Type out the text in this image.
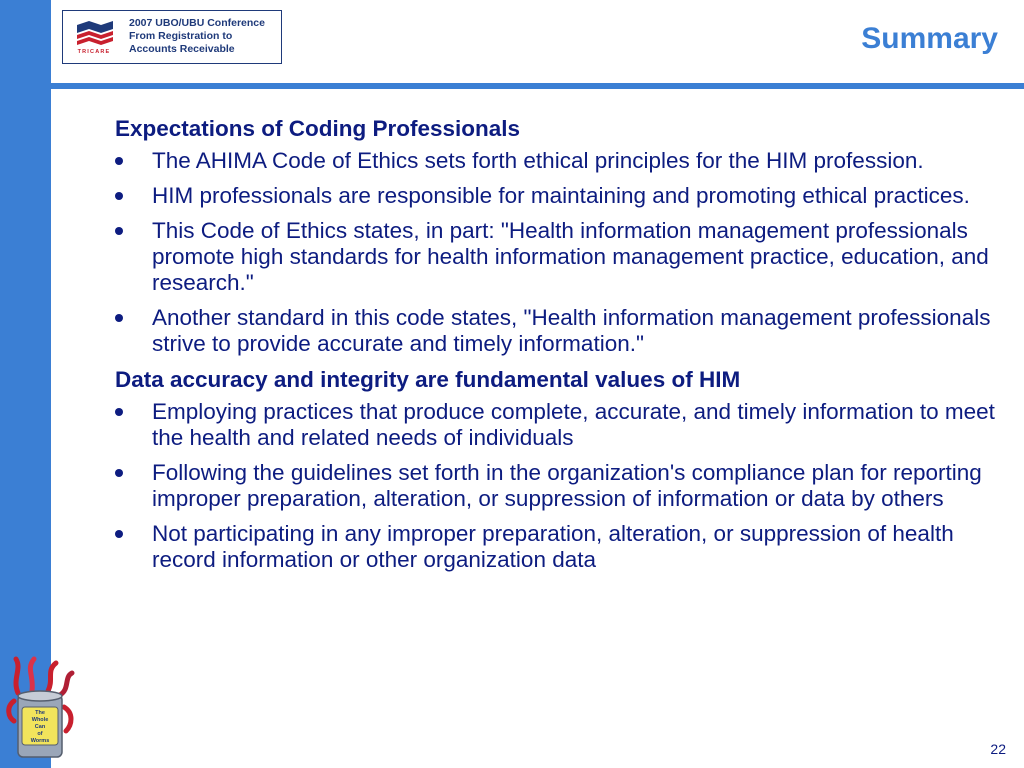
TRICARE
2007 UBO/UBU Conference
From Registration to
Accounts Receivable	Summary
Expectations of Coding Professionals
The AHIMA Code of Ethics sets forth ethical principles for the HIM profession.
HIM professionals are responsible for maintaining and promoting ethical practices.
This Code of Ethics states, in part: "Health information management professionals promote high standards for health information management practice, education, and research."
Another standard in this code states, "Health information management professionals strive to provide accurate and timely information."
Data accuracy and integrity are fundamental values of HIM
Employing practices that produce complete, accurate, and timely information to meet the health and related needs of individuals
Following the guidelines set forth in the organization's compliance plan for reporting improper preparation, alteration, or suppression of information or data by others
Not participating in any improper preparation, alteration, or suppression of health record information or other organization data
The
Whole
Can
of
Worms	22
